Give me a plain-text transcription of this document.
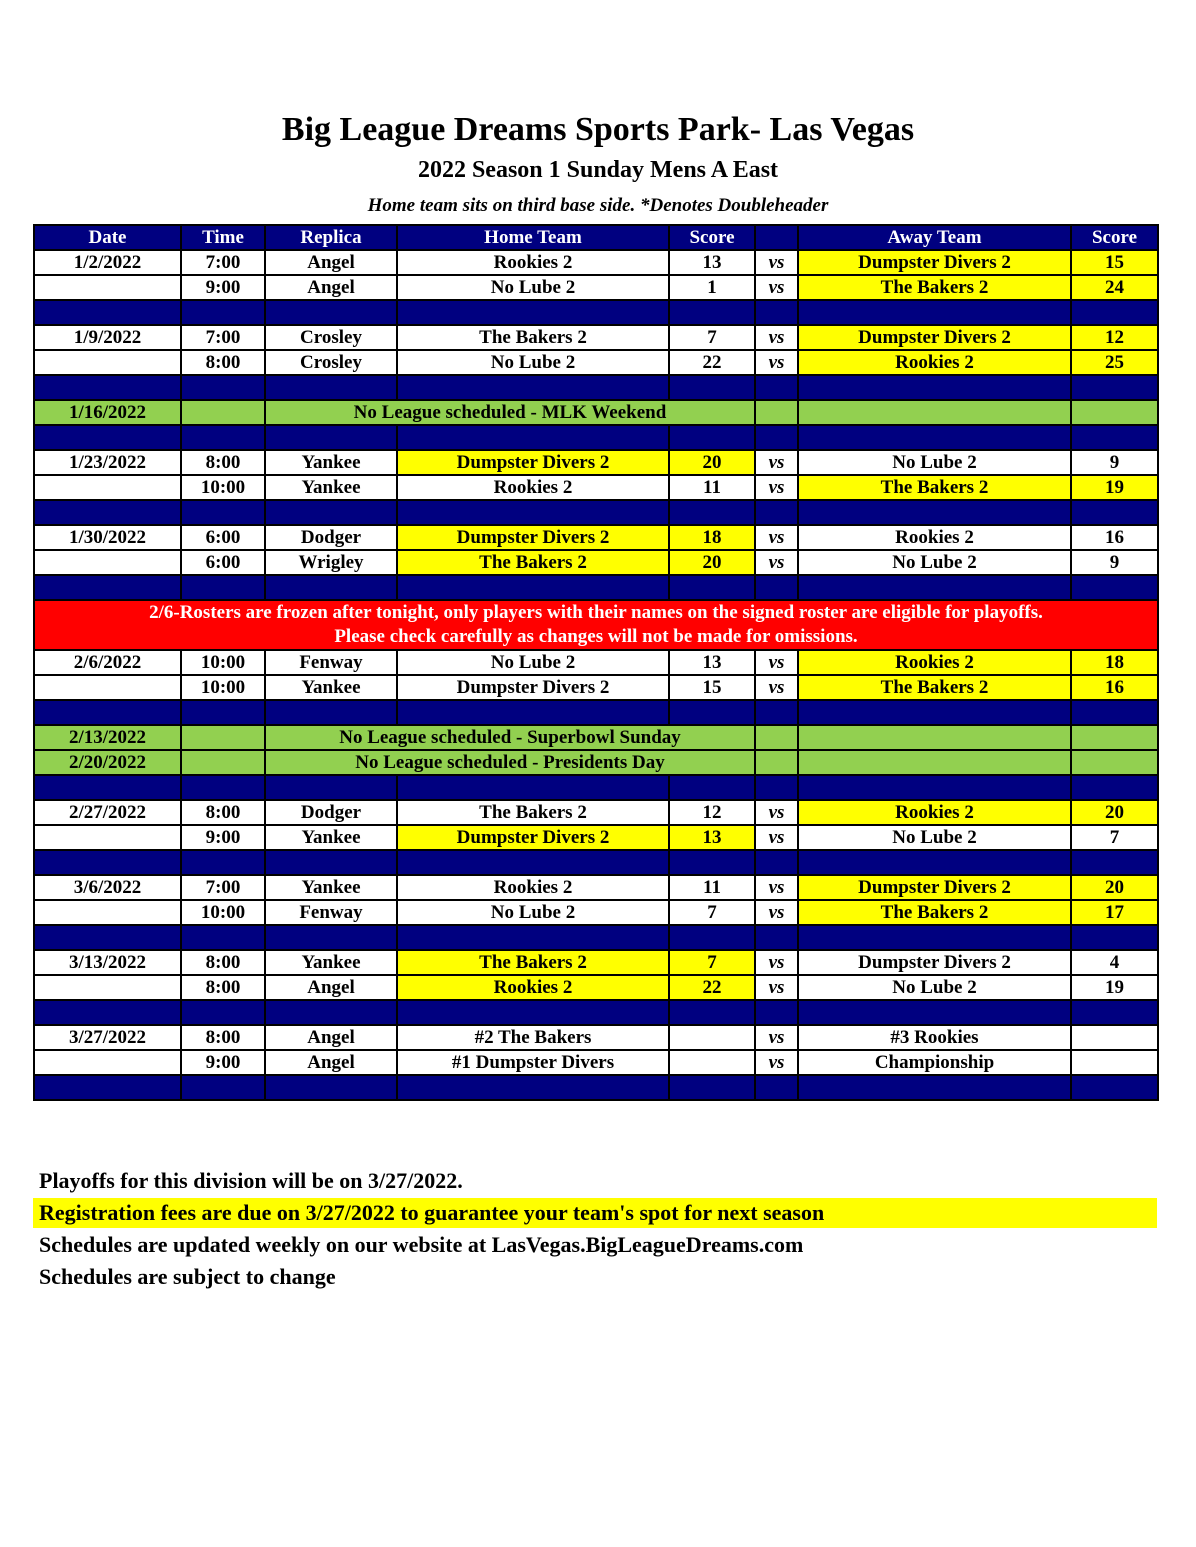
Big League Dreams Sports Park- Las Vegas
2022 Season 1 Sunday Mens A East
Home team sits on third base side. *Denotes Doubleheader
Date	Time	Replica	Home Team	Score		Away Team	Score
1/2/2022	7:00	Angel	Rookies 2	13	vs	Dumpster Divers 2	15
	9:00	Angel	No Lube 2	1	vs	The Bakers 2	24

1/9/2022	7:00	Crosley	The Bakers 2	7	vs	Dumpster Divers 2	12
	8:00	Crosley	No Lube 2	22	vs	Rookies 2	25

1/16/2022		No League scheduled - MLK Weekend					

1/23/2022	8:00	Yankee	Dumpster Divers 2	20	vs	No Lube 2	9
	10:00	Yankee	Rookies 2	11	vs	The Bakers 2	19

1/30/2022	6:00	Dodger	Dumpster Divers 2	18	vs	Rookies 2	16
	6:00	Wrigley	The Bakers 2	20	vs	No Lube 2	9

2/6-Rosters are frozen after tonight, only players with their names on the signed roster are eligible for playoffs.
Please check carefully as changes will not be made for omissions.							

2/6/2022	10:00	Fenway	No Lube 2	13	vs	Rookies 2	18
	10:00	Yankee	Dumpster Divers 2	15	vs	The Bakers 2	16

2/13/2022		No League scheduled - Superbowl Sunday					
2/20/2022		No League scheduled - Presidents Day					

2/27/2022	8:00	Dodger	The Bakers 2	12	vs	Rookies 2	20
	9:00	Yankee	Dumpster Divers 2	13	vs	No Lube 2	7

3/6/2022	7:00	Yankee	Rookies 2	11	vs	Dumpster Divers 2	20
	10:00	Fenway	No Lube 2	7	vs	The Bakers 2	17

3/13/2022	8:00	Yankee	The Bakers 2	7	vs	Dumpster Divers 2	4
	8:00	Angel	Rookies 2	22	vs	No Lube 2	19

3/27/2022	8:00	Angel	#2 The Bakers		vs	#3 Rookies	
	9:00	Angel	#1 Dumpster Divers		vs	Championship	

Playoffs for this division will be on 3/27/2022.
Registration fees are due on 3/27/2022 to guarantee your team's spot for next season
Schedules are updated weekly on our website at LasVegas.BigLeagueDreams.com
Schedules are subject to change
